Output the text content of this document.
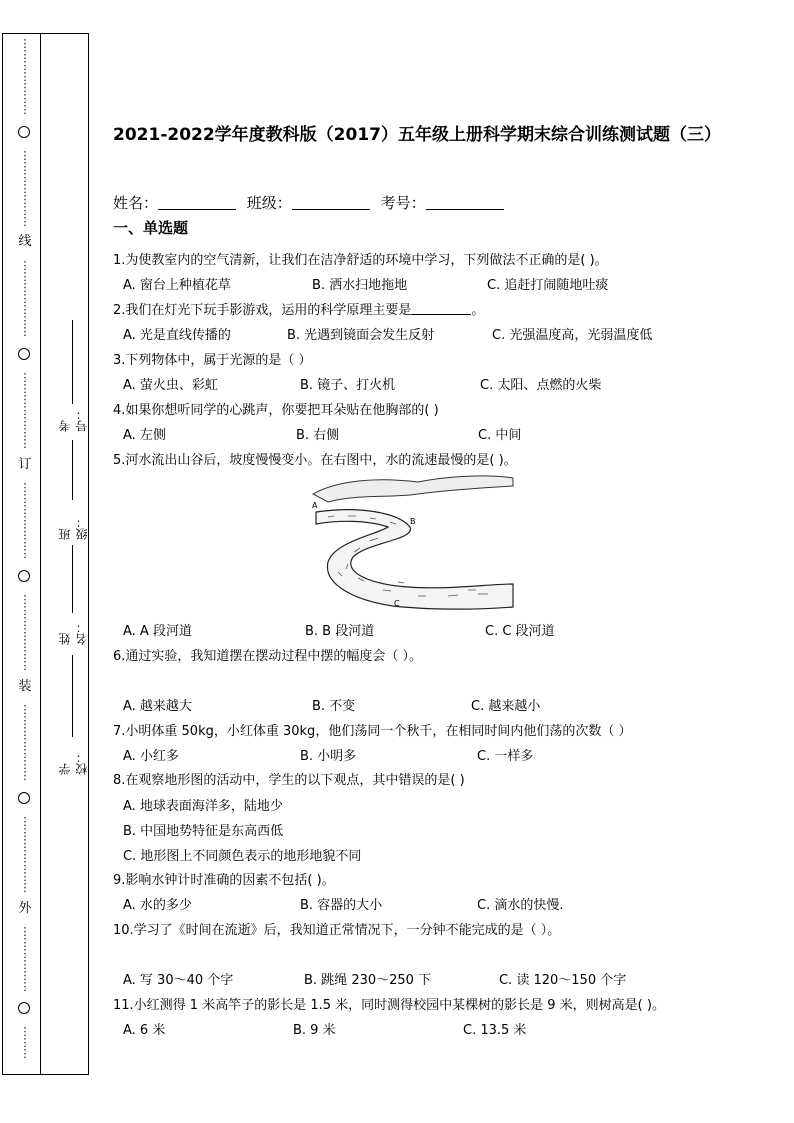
⋮
⋮
⋮
⋮
⋮
⋮
⋮
⋮
⋮
⋮
⋮
⋮
⋮
⋮
线
⋮
⋮
⋮
⋮
⋮
⋮
⋮
⋮
⋮
⋮
⋮
⋮
⋮
⋮
订
⋮
⋮
⋮
⋮
⋮
⋮
⋮
⋮
⋮
⋮
⋮
⋮
⋮
⋮
装
⋮
⋮
⋮
⋮
⋮
⋮
⋮
⋮
⋮
⋮
⋮
⋮
⋮
⋮
外
⋮
⋮
⋮
⋮
⋮
⋮
⋮
⋮
⋮
考号：
班级：
姓名：
学校：
2021-2022学年度教科版（2017）五年级上册科学期末综合训练测试题（三）
姓名：	班级：	考号：
一、单选题
1.为使教室内的空气清新，让我们在洁净舒适的环境中学习，下列做法不正确的是( )。
A. 窗台上种植花草	B. 洒水扫地拖地	C. 追赶打闹随地吐痰
2.我们在灯光下玩手影游戏，运用的科学原理主要是	。
A. 光是直线传播的	B. 光遇到镜面会发生反射	C. 光强温度高，光弱温度低
3.下列物体中，属于光源的是（ ）
A. 萤火虫、彩虹	B. 镜子、打火机	C. 太阳、点燃的火柴
4.如果你想听同学的心跳声，你要把耳朵贴在他胸部的( )
A. 左侧	B. 右侧	C. 中间
5.河水流出山谷后，坡度慢慢变小。在右图中，水的流速最慢的是( )。
A
B
C
A. A 段河道	B. B 段河道	C. C 段河道
6.通过实验，我知道摆在摆动过程中摆的幅度会（ ）。
A. 越来越大	B. 不变	C. 越来越小
7.小明体重 50kg，小红体重 30kg，他们荡同一个秋千，在相同时间内他们荡的次数（ ）
A. 小红多	B. 小明多	C. 一样多
8.在观察地形图的活动中，学生的以下观点，其中错误的是( )
A. 地球表面海洋多，陆地少
B. 中国地势特征是东高西低
C. 地形图上不同颜色表示的地形地貌不同
9.影响水钟计时准确的因素不包括( )。
A. 水的多少	B. 容器的大小	C. 滴水的快慢.
10.学习了《时间在流逝》后，我知道正常情况下，一分钟不能完成的是（ ）。
A. 写 30～40 个字	B. 跳绳 230～250 下	C. 读 120～150 个字
11.小红测得 1 米高竿子的影长是 1.5 米，同时测得校园中某棵树的影长是 9 米，则树高是( )。
A. 6 米	B. 9 米	C. 13.5 米
